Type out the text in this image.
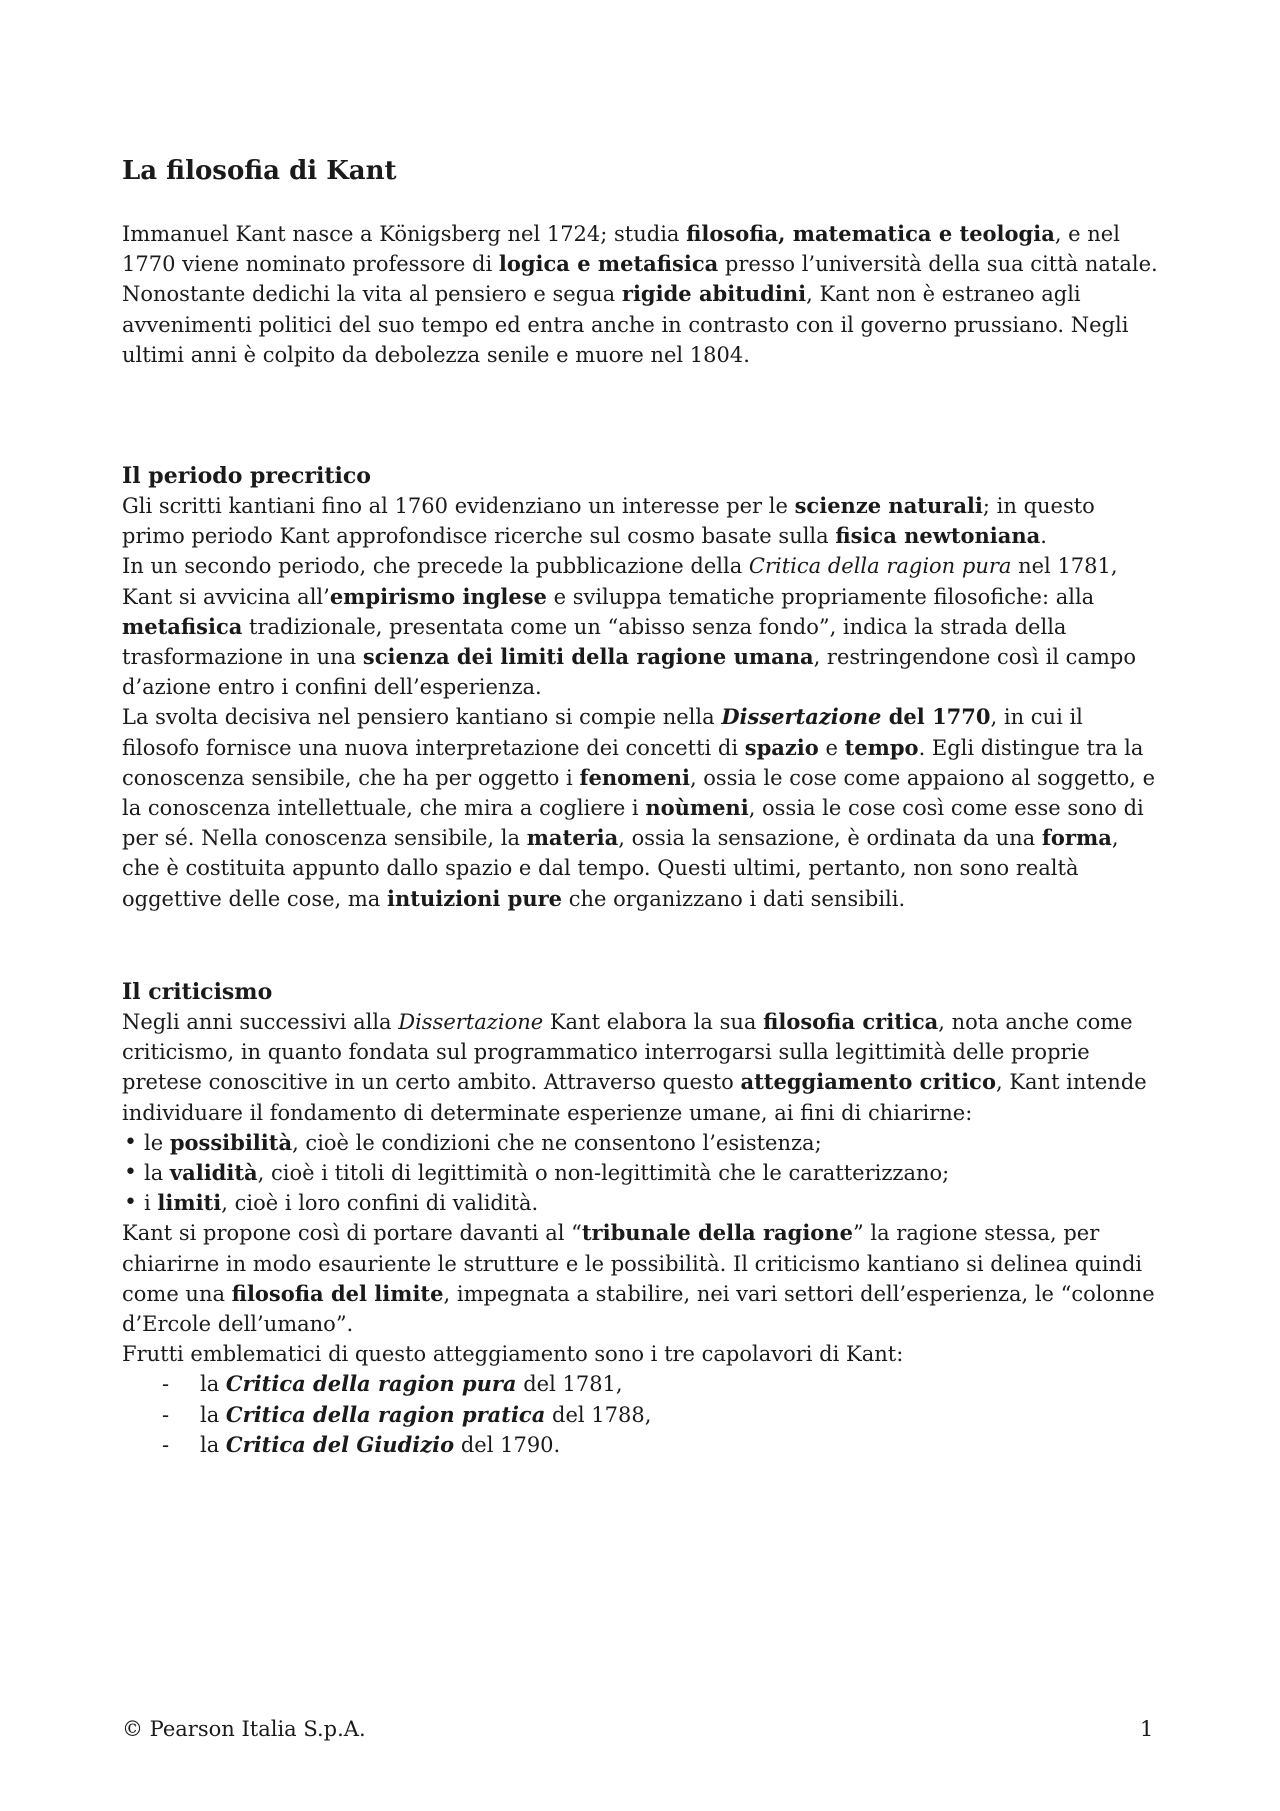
La filosofia di Kant
Immanuel Kant nasce a Königsberg nel 1724; studia filosofia, matematica e teologia, e nel 1770 viene nominato professore di logica e metafisica presso l’università della sua città natale.
Nonostante dedichi la vita al pensiero e segua rigide abitudini, Kant non è estraneo agli avvenimenti politici del suo tempo ed entra anche in contrasto con il governo prussiano. Negli ultimi anni è colpito da debolezza senile e muore nel 1804.
Il periodo precritico
Gli scritti kantiani fino al 1760 evidenziano un interesse per le scienze naturali; in questo primo periodo Kant approfondisce ricerche sul cosmo basate sulla fisica newtoniana.
In un secondo periodo, che precede la pubblicazione della Critica della ragion pura nel 1781, Kant si avvicina all’empirismo inglese e sviluppa tematiche propriamente filosofiche: alla metafisica tradizionale, presentata come un “abisso senza fondo”, indica la strada della trasformazione in una scienza dei limiti della ragione umana, restringendone così il campo d’azione entro i confini dell’esperienza.
La svolta decisiva nel pensiero kantiano si compie nella Dissertazione del 1770, in cui il filosofo fornisce una nuova interpretazione dei concetti di spazio e tempo. Egli distingue tra la conoscenza sensibile, che ha per oggetto i fenomeni, ossia le cose come appaiono al soggetto, e la conoscenza intellettuale, che mira a cogliere i noùmeni, ossia le cose così come esse sono di per sé. Nella conoscenza sensibile, la materia, ossia la sensazione, è ordinata da una forma, che è costituita appunto dallo spazio e dal tempo. Questi ultimi, pertanto, non sono realtà oggettive delle cose, ma intuizioni pure che organizzano i dati sensibili.
Il criticismo
Negli anni successivi alla Dissertazione Kant elabora la sua filosofia critica, nota anche come criticismo, in quanto fondata sul programmatico interrogarsi sulla legittimità delle proprie pretese conoscitive in un certo ambito. Attraverso questo atteggiamento critico, Kant intende individuare il fondamento di determinate esperienze umane, ai fini di chiarirne:
• le possibilità, cioè le condizioni che ne consentono l’esistenza;
• la validità, cioè i titoli di legittimità o non-legittimità che le caratterizzano;
• i limiti, cioè i loro confini di validità.
Kant si propone così di portare davanti al “tribunale della ragione” la ragione stessa, per chiarirne in modo esauriente le strutture e le possibilità. Il criticismo kantiano si delinea quindi come una filosofia del limite, impegnata a stabilire, nei vari settori dell’esperienza, le “colonne d’Ercole dell’umano”.
Frutti emblematici di questo atteggiamento sono i tre capolavori di Kant:
- la Critica della ragion pura del 1781,
- la Critica della ragion pratica del 1788,
- la Critica del Giudizio del 1790.
© Pearson Italia S.p.A.	1
